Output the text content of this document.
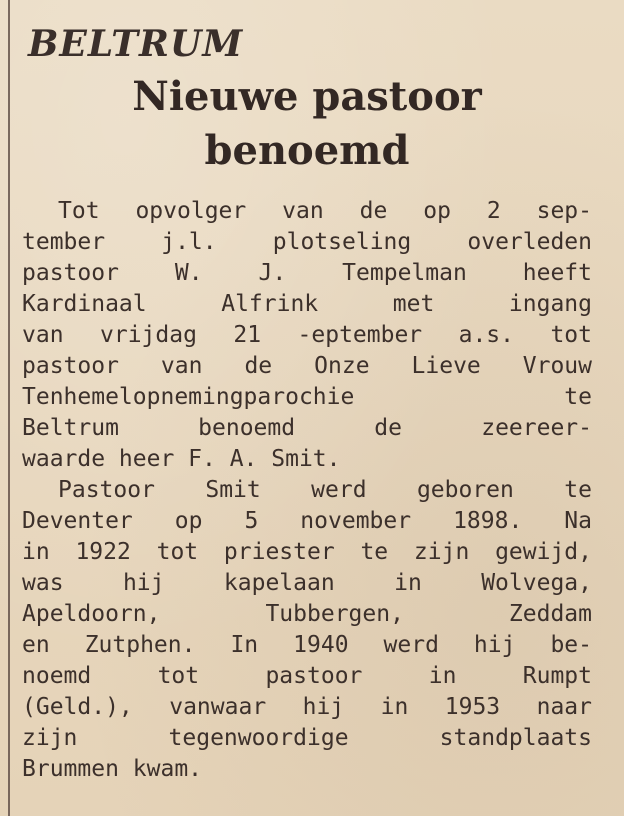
BELTRUM
Nieuwe pastoor
benoemd
Tot opvolger van de op 2 sep-
tember j.l. plotseling overleden
pastoor W. J. Tempelman heeft
Kardinaal Alfrink met ingang
van vrijdag 21 -eptember a.s. tot
pastoor van de Onze Lieve Vrouw
Tenhemelopnemingparochie te
Beltrum benoemd de zeereer-
waarde heer F. A. Smit.
Pastoor Smit werd geboren te
Deventer op 5 november 1898. Na
in 1922 tot priester te zijn gewijd,
was hij kapelaan in Wolvega,
Apeldoorn, Tubbergen, Zeddam
en Zutphen. In 1940 werd hij be-
noemd tot pastoor in Rumpt
(Geld.), vanwaar hij in 1953 naar
zijn tegenwoordige standplaats
Brummen kwam.
